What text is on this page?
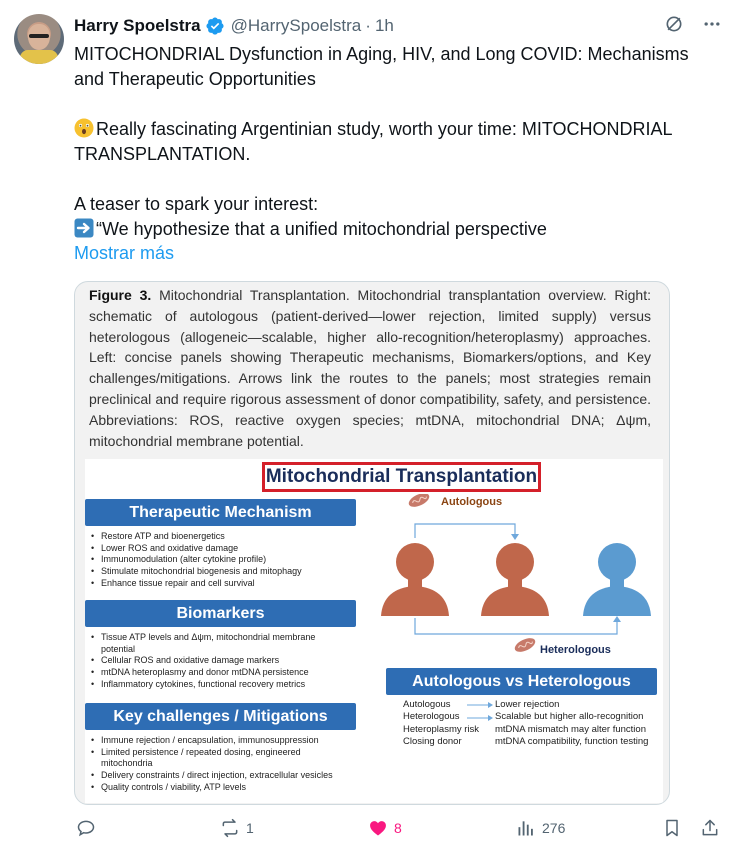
Harry Spoelstra @HarrySpoelstra · 1h
MITOCHONDRIAL Dysfunction in Aging, HIV, and Long COVID: Mechanisms
and Therapeutic Opportunities
Really fascinating Argentinian study, worth your time: MITOCHONDRIAL
TRANSPLANTATION.
A teaser to spark your interest:
“We hypothesize that a unified mitochondrial perspective
Mostrar más
Figure 3. Mitochondrial Transplantation. Mitochondrial transplantation overview. Right: schematic of autologous (patient-derived—lower rejection, limited supply) versus heterologous (allogeneic—scalable, higher allo-recognition/heteroplasmy) approaches. Left: concise panels showing Therapeutic mechanisms, Biomarkers/options, and Key challenges/mitigations. Arrows link the routes to the panels; most strategies remain preclinical and require rigorous assessment of donor compatibility, safety, and persistence. Abbreviations: ROS, reactive oxygen species; mtDNA, mitochondrial DNA; Δψm, mitochondrial membrane potential.
Mitochondrial Transplantation
Therapeutic Mechanism
• Restore ATP and bioenergetics
• Lower ROS and oxidative damage
• Immunomodulation (alter cytokine profile)
• Stimulate mitochondrial biogenesis and mitophagy
• Enhance tissue repair and cell survival
Biomarkers
• Tissue ATP levels and Δψm, mitochondrial membrane potential
• Cellular ROS and oxidative damage markers
• mtDNA heteroplasmy and donor mtDNA persistence
• Inflammatory cytokines, functional recovery metrics
Key challenges / Mitigations
• Immune rejection / encapsulation, immunosuppression
• Limited persistence / repeated dosing, engineered mitochondria
• Delivery constraints / direct injection, extracellular vesicles
• Quality controls / viability, ATP levels
Autologous
Heterologous
Autologous vs Heterologous
Autologous	Lower rejection
Heterologous	Scalable but higher allo-recognition
Heteroplasmy risk	mtDNA mismatch may alter function
Closing donor	mtDNA compatibility, function testing
1	8	276
